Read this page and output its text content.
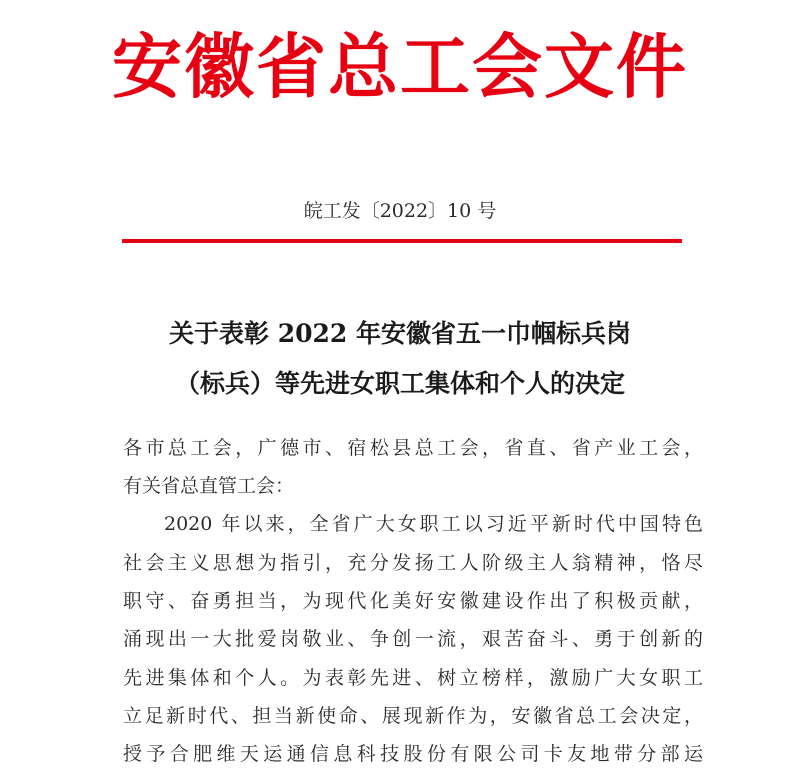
安徽省总工会文件
皖工发〔2022〕10 号
关于表彰 2022 年安徽省五一巾帼标兵岗
（标兵）等先进女职工集体和个人的决定
各市总工会，广德市、宿松县总工会，省直、省产业工会，
有关省总直管工会：
2020 年以来，全省广大女职工以习近平新时代中国特色
社会主义思想为指引，充分发扬工人阶级主人翁精神，恪尽
职守、奋勇担当，为现代化美好安徽建设作出了积极贡献，
涌现出一大批爱岗敬业、争创一流，艰苦奋斗、勇于创新的
先进集体和个人。为表彰先进、树立榜样，激励广大女职工
立足新时代、担当新使命、展现新作为，安徽省总工会决定，
授予合肥维天运通信息科技股份有限公司卡友地带分部运
